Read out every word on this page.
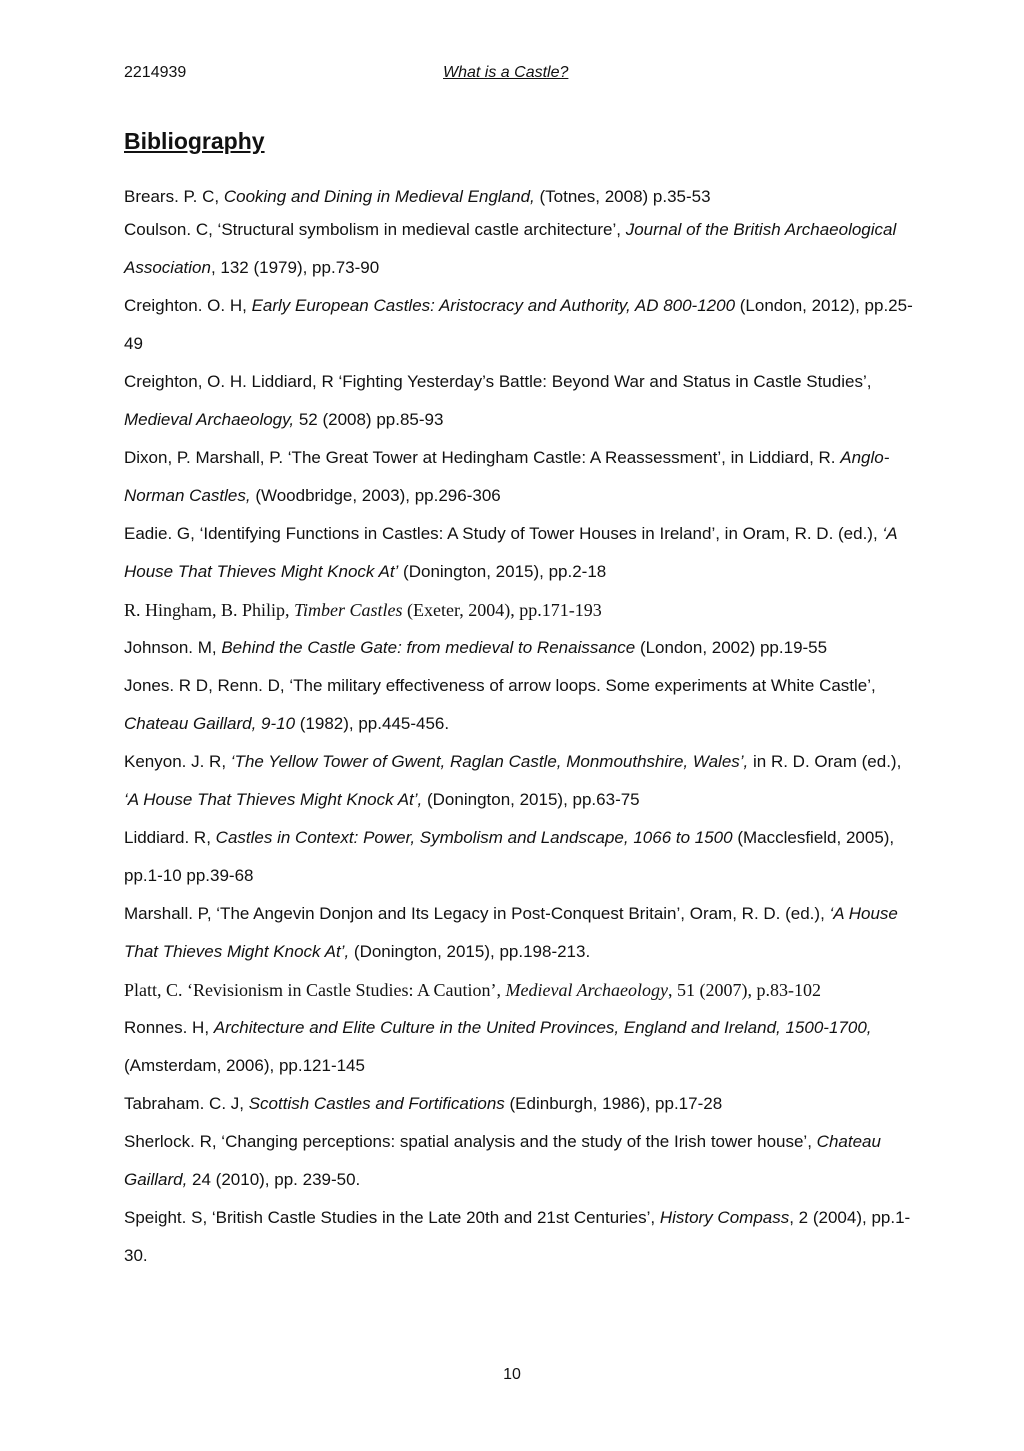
2214939	What is a Castle?
Bibliography
Brears. P. C, Cooking and Dining in Medieval England, (Totnes, 2008) p.35-53
Coulson. C, ‘Structural symbolism in medieval castle architecture’, Journal of the British Archaeological Association, 132 (1979), pp.73-90
Creighton. O. H, Early European Castles: Aristocracy and Authority, AD 800-1200 (London, 2012), pp.25-49
Creighton, O. H. Liddiard, R ‘Fighting Yesterday’s Battle: Beyond War and Status in Castle Studies’, Medieval Archaeology, 52 (2008) pp.85-93
Dixon, P. Marshall, P. ‘The Great Tower at Hedingham Castle: A Reassessment’, in Liddiard, R. Anglo-Norman Castles, (Woodbridge, 2003), pp.296-306
Eadie. G, ‘Identifying Functions in Castles: A Study of Tower Houses in Ireland’, in Oram, R. D. (ed.), ‘A House That Thieves Might Knock At’ (Donington, 2015), pp.2-18
R. Hingham, B. Philip, Timber Castles (Exeter, 2004), pp.171-193
Johnson. M, Behind the Castle Gate: from medieval to Renaissance (London, 2002) pp.19-55
Jones. R D, Renn. D, ‘The military effectiveness of arrow loops. Some experiments at White Castle’, Chateau Gaillard, 9-10 (1982), pp.445-456.
Kenyon. J. R, ‘The Yellow Tower of Gwent, Raglan Castle, Monmouthshire, Wales’, in R. D. Oram (ed.), ‘A House That Thieves Might Knock At’, (Donington, 2015), pp.63-75
Liddiard. R, Castles in Context: Power, Symbolism and Landscape, 1066 to 1500 (Macclesfield, 2005), pp.1-10 pp.39-68
Marshall. P, ‘The Angevin Donjon and Its Legacy in Post-Conquest Britain’, Oram, R. D. (ed.), ‘A House That Thieves Might Knock At’, (Donington, 2015), pp.198-213.
Platt, C. ‘Revisionism in Castle Studies: A Caution’, Medieval Archaeology, 51 (2007), p.83-102
Ronnes. H, Architecture and Elite Culture in the United Provinces, England and Ireland, 1500-1700, (Amsterdam, 2006), pp.121-145
Tabraham. C. J, Scottish Castles and Fortifications (Edinburgh, 1986), pp.17-28
Sherlock. R, ‘Changing perceptions: spatial analysis and the study of the Irish tower house’, Chateau Gaillard, 24 (2010), pp. 239-50.
Speight. S, ‘British Castle Studies in the Late 20th and 21st Centuries’, History Compass, 2 (2004), pp.1-30.
10
